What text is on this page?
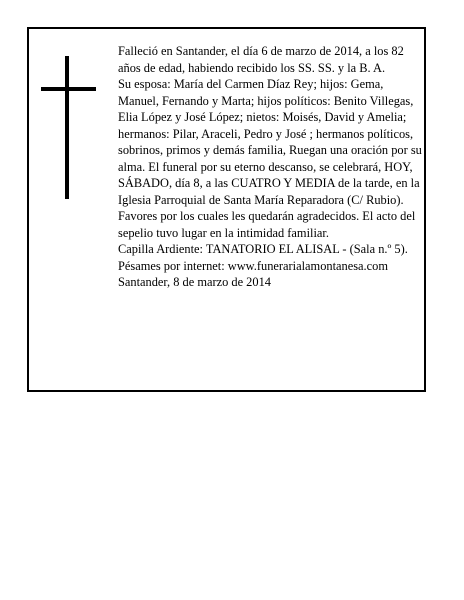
Falleció en Santander, el día 6 de marzo de 2014, a los 82 años de edad, habiendo recibido los SS. SS. y la B. A.

Su esposa: María del Carmen Díaz Rey; hijos: Gema, Manuel, Fernando y Marta; hijos políticos: Benito Villegas, Elia López y José López; nietos: Moisés, David y Amelia; hermanos: Pilar, Araceli, Pedro y José ; hermanos políticos, sobrinos, primos y demás familia, Ruegan una oración por su alma. El funeral por su eterno descanso, se celebrará, HOY, SÁBADO, día 8, a las CUATRO Y MEDIA de la tarde, en la Iglesia Parroquial de Santa María Reparadora (C/ Rubio). Favores por los cuales les quedarán agradecidos. El acto del sepelio tuvo lugar en la intimidad familiar.

Capilla Ardiente: TANATORIO EL ALISAL - (Sala n.º 5).

Pésames por internet: www.funerarialamontanesa.com

Santander, 8 de marzo de 2014
